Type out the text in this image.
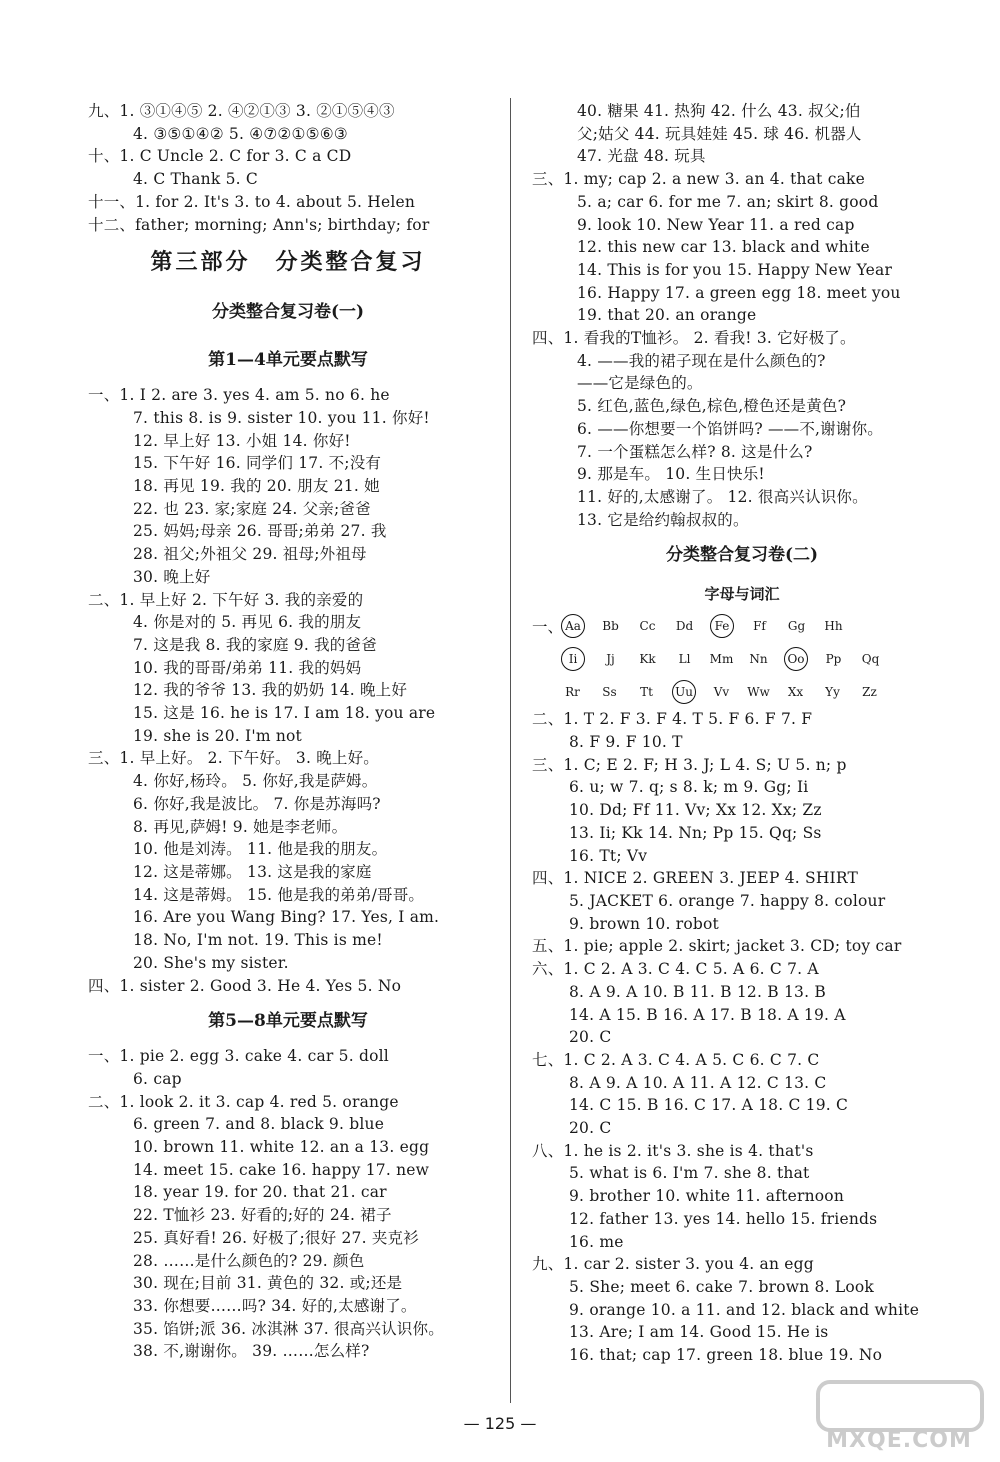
九、1. ③①④⑤ 2. ④②①③ 3. ②①⑤④③
4. ③⑤①④② 5. ④⑦②①⑤⑥③
十、1. C Uncle 2. C for 3. C a CD
4. C Thank 5. C
十一、1. for 2. It's 3. to 4. about 5. Helen
十二、father; morning; Ann's; birthday; for
第三部分　分类整合复习
分类整合复习卷(一)
第1—4单元要点默写
一、1. I 2. are 3. yes 4. am 5. no 6. he
7. this 8. is 9. sister 10. you 11. 你好!
12. 早上好 13. 小姐 14. 你好!
15. 下午好 16. 同学们 17. 不;没有
18. 再见 19. 我的 20. 朋友 21. 她
22. 也 23. 家;家庭 24. 父亲;爸爸
25. 妈妈;母亲 26. 哥哥;弟弟 27. 我
28. 祖父;外祖父 29. 祖母;外祖母
30. 晚上好
二、1. 早上好 2. 下午好 3. 我的亲爱的
4. 你是对的 5. 再见 6. 我的朋友
7. 这是我 8. 我的家庭 9. 我的爸爸
10. 我的哥哥/弟弟 11. 我的妈妈
12. 我的爷爷 13. 我的奶奶 14. 晚上好
15. 这是 16. he is 17. I am 18. you are
19. she is 20. I'm not
三、1. 早上好。 2. 下午好。 3. 晚上好。
4. 你好,杨玲。 5. 你好,我是萨姆。
6. 你好,我是波比。 7. 你是苏海吗?
8. 再见,萨姆! 9. 她是李老师。
10. 他是刘涛。 11. 他是我的朋友。
12. 这是蒂娜。 13. 这是我的家庭
14. 这是蒂姆。 15. 他是我的弟弟/哥哥。
16. Are you Wang Bing? 17. Yes, I am.
18. No, I'm not. 19. This is me!
20. She's my sister.
四、1. sister 2. Good 3. He 4. Yes 5. No
第5—8单元要点默写
一、1. pie 2. egg 3. cake 4. car 5. doll
6. cap
二、1. look 2. it 3. cap 4. red 5. orange
6. green 7. and 8. black 9. blue
10. brown 11. white 12. an a 13. egg
14. meet 15. cake 16. happy 17. new
18. year 19. for 20. that 21. car
22. T恤衫 23. 好看的;好的 24. 裙子
25. 真好看! 26. 好极了;很好 27. 夹克衫
28. ……是什么颜色的? 29. 颜色
30. 现在;目前 31. 黄色的 32. 或;还是
33. 你想要……吗? 34. 好的,太感谢了。
35. 馅饼;派 36. 冰淇淋 37. 很高兴认识你。
38. 不,谢谢你。 39. ……怎么样?
40. 糖果 41. 热狗 42. 什么 43. 叔父;伯
父;姑父 44. 玩具娃娃 45. 球 46. 机器人
47. 光盘 48. 玩具
三、1. my; cap 2. a new 3. an 4. that cake
5. a; car 6. for me 7. an; skirt 8. good
9. look 10. New Year 11. a red cap
12. this new car 13. black and white
14. This is for you 15. Happy New Year
16. Happy 17. a green egg 18. meet you
19. that 20. an orange
四、1. 看我的T恤衫。 2. 看我! 3. 它好极了。
4. ——我的裙子现在是什么颜色的?
——它是绿色的。
5. 红色,蓝色,绿色,棕色,橙色还是黄色?
6. ——你想要一个馅饼吗? ——不,谢谢你。
7. 一个蛋糕怎么样? 8. 这是什么?
9. 那是车。 10. 生日快乐!
11. 好的,太感谢了。 12. 很高兴认识你。
13. 它是给约翰叔叔的。
分类整合复习卷(二)
字母与词汇
一、 Aa	Bb	Cc	Dd	Fe	Ff	Gg	Hh
Ii	Jj	Kk	Ll	Mm	Nn	Oo	Pp	Qq
Rr	Ss	Tt	Uu	Vv	Ww	Xx	Yy	Zz
二、1. T 2. F 3. F 4. T 5. F 6. F 7. F
8. F 9. F 10. T
三、1. C; E 2. F; H 3. J; L 4. S; U 5. n; p
6. u; w 7. q; s 8. k; m 9. Gg; Ii
10. Dd; Ff 11. Vv; Xx 12. Xx; Zz
13. Ii; Kk 14. Nn; Pp 15. Qq; Ss
16. Tt; Vv
四、1. NICE 2. GREEN 3. JEEP 4. SHIRT
5. JACKET 6. orange 7. happy 8. colour
9. brown 10. robot
五、1. pie; apple 2. skirt; jacket 3. CD; toy car
六、1. C 2. A 3. C 4. C 5. A 6. C 7. A
8. A 9. A 10. B 11. B 12. B 13. B
14. A 15. B 16. A 17. B 18. A 19. A
20. C
七、1. C 2. A 3. C 4. A 5. C 6. C 7. C
8. A 9. A 10. A 11. A 12. C 13. C
14. C 15. B 16. C 17. A 18. C 19. C
20. C
八、1. he is 2. it's 3. she is 4. that's
5. what is 6. I'm 7. she 8. that
9. brother 10. white 11. afternoon
12. father 13. yes 14. hello 15. friends
16. me
九、1. car 2. sister 3. you 4. an egg
5. She; meet 6. cake 7. brown 8. Look
9. orange 10. a 11. and 12. black and white
13. Are; I am 14. Good 15. He is
16. that; cap 17. green 18. blue 19. No
— 125 —
MXQE.COM
